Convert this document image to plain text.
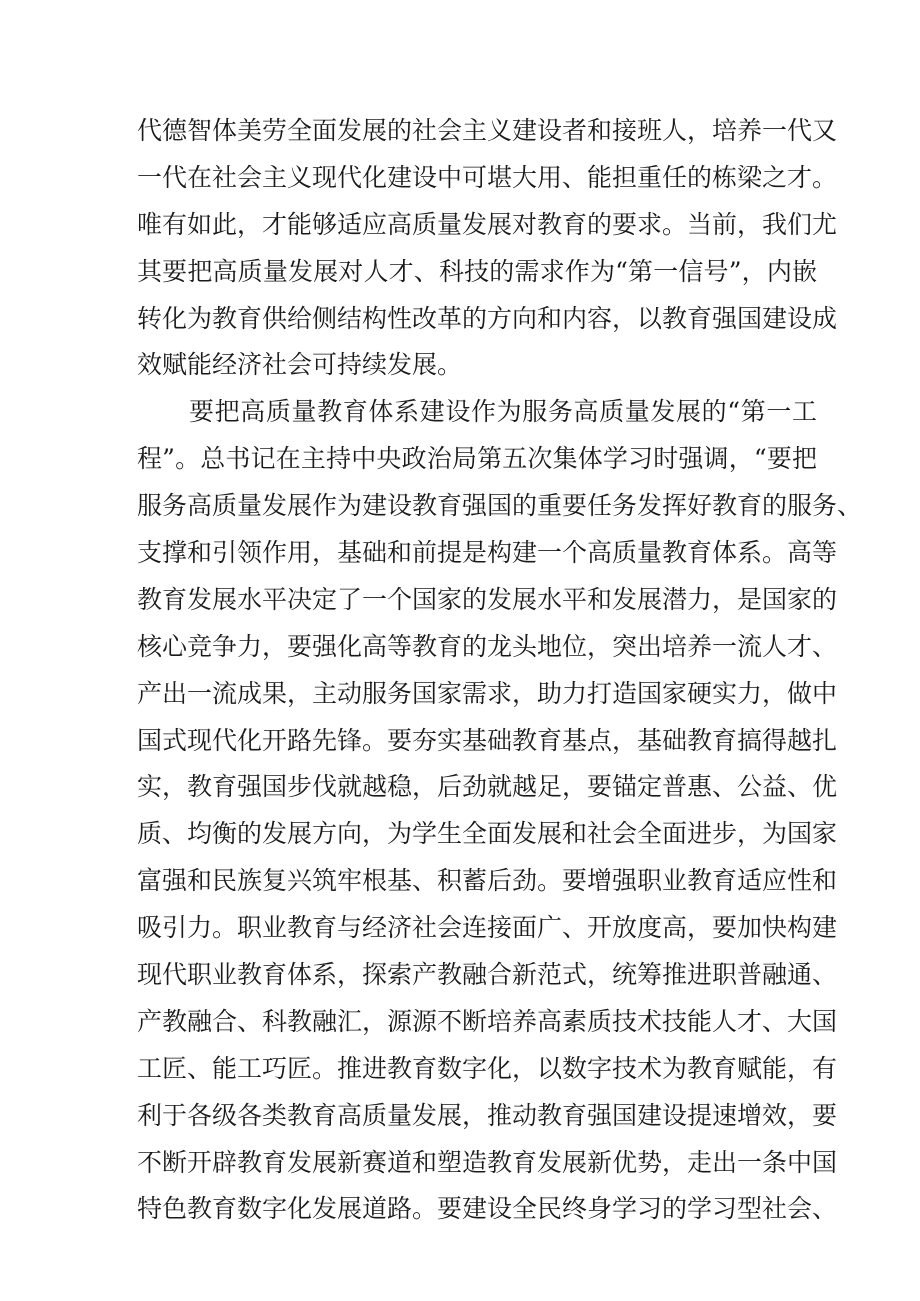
代德智体美劳全面发展的社会主义建设者和接班人，培养一代又
一代在社会主义现代化建设中可堪大用、能担重任的栋梁之才。
唯有如此，才能够适应高质量发展对教育的要求。当前，我们尤
其要把高质量发展对人才、科技的需求作为“第一信号”，内嵌
转化为教育供给侧结构性改革的方向和内容，以教育强国建设成
效赋能经济社会可持续发展。
要把高质量教育体系建设作为服务高质量发展的“第一工
程”。总书记在主持中央政治局第五次集体学习时强调，“要把
服务高质量发展作为建设教育强国的重要任务发挥好教育的服务、
支撑和引领作用，基础和前提是构建一个高质量教育体系。高等
教育发展水平决定了一个国家的发展水平和发展潜力，是国家的
核心竞争力，要强化高等教育的龙头地位，突出培养一流人才、
产出一流成果，主动服务国家需求，助力打造国家硬实力，做中
国式现代化开路先锋。要夯实基础教育基点，基础教育搞得越扎
实，教育强国步伐就越稳，后劲就越足，要锚定普惠、公益、优
质、均衡的发展方向，为学生全面发展和社会全面进步，为国家
富强和民族复兴筑牢根基、积蓄后劲。要增强职业教育适应性和
吸引力。职业教育与经济社会连接面广、开放度高，要加快构建
现代职业教育体系，探索产教融合新范式，统筹推进职普融通、
产教融合、科教融汇，源源不断培养高素质技术技能人才、大国
工匠、能工巧匠。推进教育数字化，以数字技术为教育赋能，有
利于各级各类教育高质量发展，推动教育强国建设提速增效，要
不断开辟教育发展新赛道和塑造教育发展新优势，走出一条中国
特色教育数字化发展道路。要建设全民终身学习的学习型社会、
